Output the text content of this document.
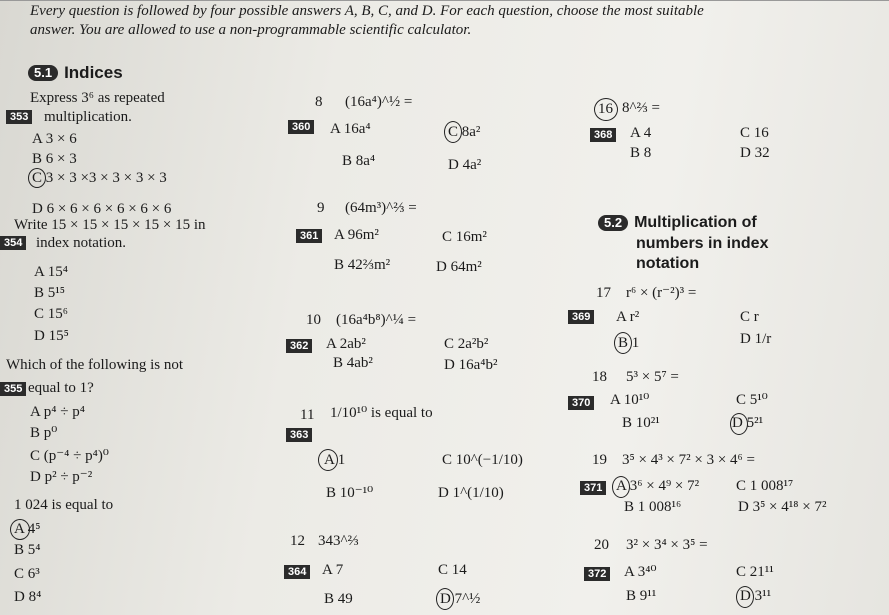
Every question is followed by four possible answers A, B, C, and D. For each question, choose the most suitable
answer. You are allowed to use a non-programmable scientific calculator.
5.1 Indices
Express 3⁶ as repeated
353 multiplication.
A 3 × 6
B 6 × 3
C 3 × 3 ×3 × 3 × 3 × 3
D 6 × 6 × 6 × 6 × 6 × 6
Write 15 × 15 × 15 × 15 × 15 in
354 index notation.
A 15⁴
B 5¹⁵
C 15⁶
D 15⁵
Which of the following is not
355 equal to 1?
A p⁴ ÷ p⁴
B p⁰
C (p⁻⁴ ÷ p⁴)⁰
D p² ÷ p⁻²
1 024 is equal to
A 4⁵
B 5⁴
C 6³
D 8⁴
8 (16a⁴)^½ =
360 A 16a⁴	C 8a²
B 8a⁴	D 4a²
9 (64m³)^⅔ =
361 A 96m²	C 16m²
B 42⅔m²	D 64m²
10 (16a⁴b⁸)^¼ =
362 A 2ab²	C 2a²b²
B 4ab²	D 16a⁴b²
11 1/10¹⁰ is equal to
363
A 1	C 10^(−1/10)
B 10⁻¹⁰	D 1^(1/10)
12 343^⅔
364 A 7	C 14
B 49	D 7^½
16 8^⅔ =
368 A 4	C 16
B 8	D 32
5.2 Multiplication of
numbers in index
notation
17 r⁶ × (r⁻²)³ =
369 A r²	C r
B 1	D 1/r
18 5³ × 5⁷ =
370 A 10¹⁰	C 5¹⁰
B 10²¹	D 5²¹
19 3⁵ × 4³ × 7² × 3 × 4⁶ =
371 A 3⁶ × 4⁹ × 7² C 1 008¹⁷
B 1 008¹⁶	D 3⁵ × 4¹⁸ × 7²
20 3² × 3⁴ × 3⁵ =
372 A 3⁴⁰	C 21¹¹
B 9¹¹	D 3¹¹
